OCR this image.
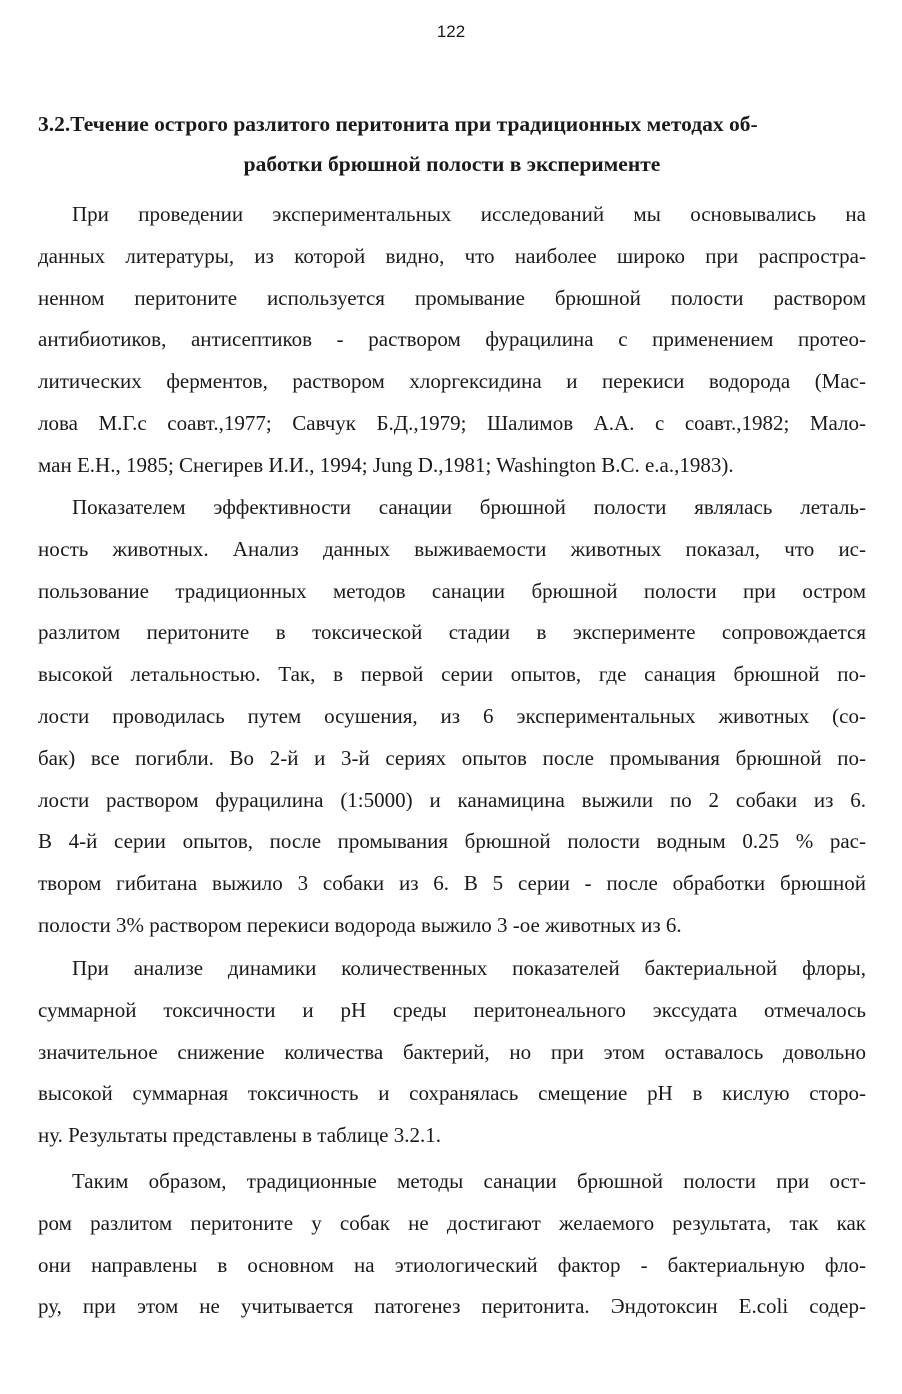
122
3.2.Течение острого разлитого перитонита при традиционных методах об-
работки брюшной полости в эксперименте
При проведении экспериментальных исследований мы основывались на
данных литературы, из которой видно, что наиболее широко при распростра-
ненном перитоните используется промывание брюшной полости раствором
антибиотиков, антисептиков - раствором фурацилина с применением протео-
литических ферментов, раствором хлоргексидина и перекиси водорода (Мас-
лова М.Г.с соавт.,1977; Савчук Б.Д.,1979; Шалимов А.А. с соавт.,1982; Мало-
ман Е.Н., 1985; Снегирев И.И., 1994; Jung D.,1981; Washington B.C. e.a.,1983).
Показателем эффективности санации брюшной полости являлась леталь-
ность животных. Анализ данных выживаемости животных показал, что ис-
пользование традиционных методов санации брюшной полости при остром
разлитом перитоните в токсической стадии в эксперименте сопровождается
высокой летальностью. Так, в первой серии опытов, где санация брюшной по-
лости проводилась путем осушения, из 6 экспериментальных животных (со-
бак) все погибли. Во 2-й и 3-й сериях опытов после промывания брюшной по-
лости раствором фурацилина (1:5000) и канамицина выжили по 2 собаки из 6.
В 4-й серии опытов, после промывания брюшной полости водным 0.25 % рас-
твором гибитана выжило 3 собаки из 6. В 5 серии - после обработки брюшной
полости 3% раствором перекиси водорода выжило 3 -ое животных из 6.
При анализе динамики количественных показателей бактериальной флоры,
суммарной токсичности и рН среды перитонеального экссудата отмечалось
значительное снижение количества бактерий, но при этом оставалось довольно
высокой суммарная токсичность и сохранялась смещение рН в кислую сторо-
ну. Результаты представлены в таблице 3.2.1.
Таким образом, традиционные методы санации брюшной полости при ост-
ром разлитом перитоните у собак не достигают желаемого результата, так как
они направлены в основном на этиологический фактор - бактериальную фло-
ру, при этом не учитывается патогенез перитонита. Эндотоксин E.coli содер-
